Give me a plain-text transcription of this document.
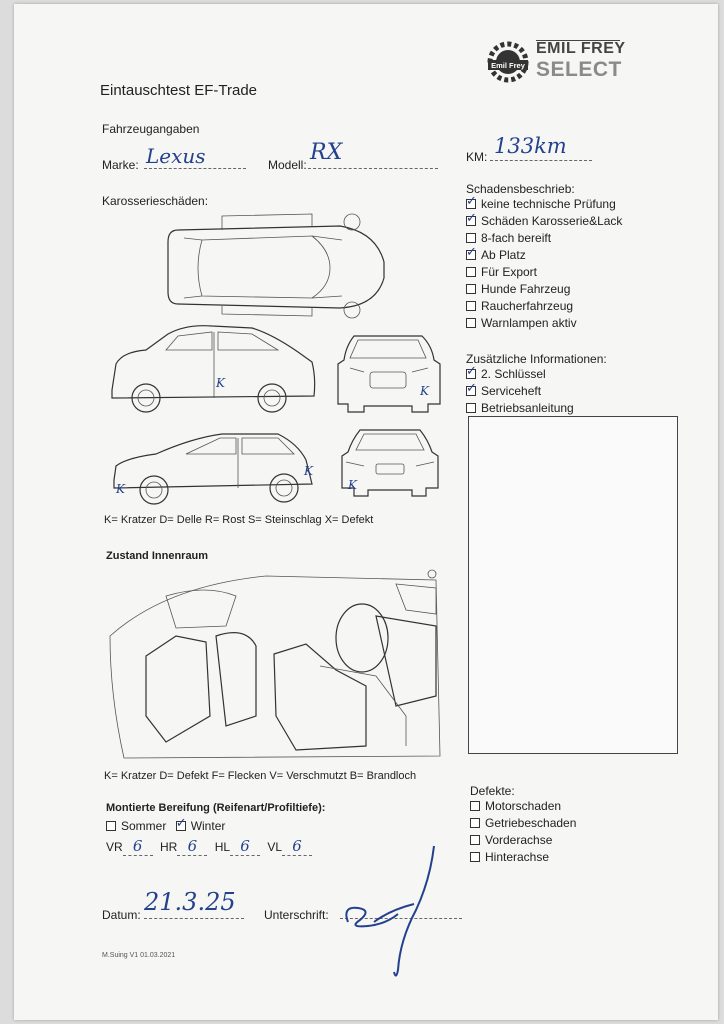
Emil Frey
EMIL FREY
SELECT
Eintauschtest EF-Trade
Fahrzeugangaben
Marke: Lexus	Modell: RX	KM: 133km
Karosserieschäden:
K
K
K
K	K
K= Kratzer D= Delle R= Rost S= Steinschlag X= Defekt
Schadensbeschrieb:
✓keine technische Prüfung
✓Schäden Karosserie&Lack
8-fach bereift
✓Ab Platz
Für Export
Hunde Fahrzeug
Raucherfahrzeug
Warnlampen aktiv
Zusätzliche Informationen:
✓2. Schlüssel
✓Serviceheft
Betriebsanleitung
Zustand Innenraum
K= Kratzer D= Defekt F= Flecken V= Verschmutzt B= Brandloch
Defekte:
Motorschaden
Getriebeschaden
Vorderachse
Hinterachse
Montierte Bereifung (Reifenart/Profiltiefe):
Sommer ✓ Winter
VR 6 HR 6 HL 6 VL 6
Datum: 21.3.25 Unterschrift:
M.Suing V1 01.03.2021
